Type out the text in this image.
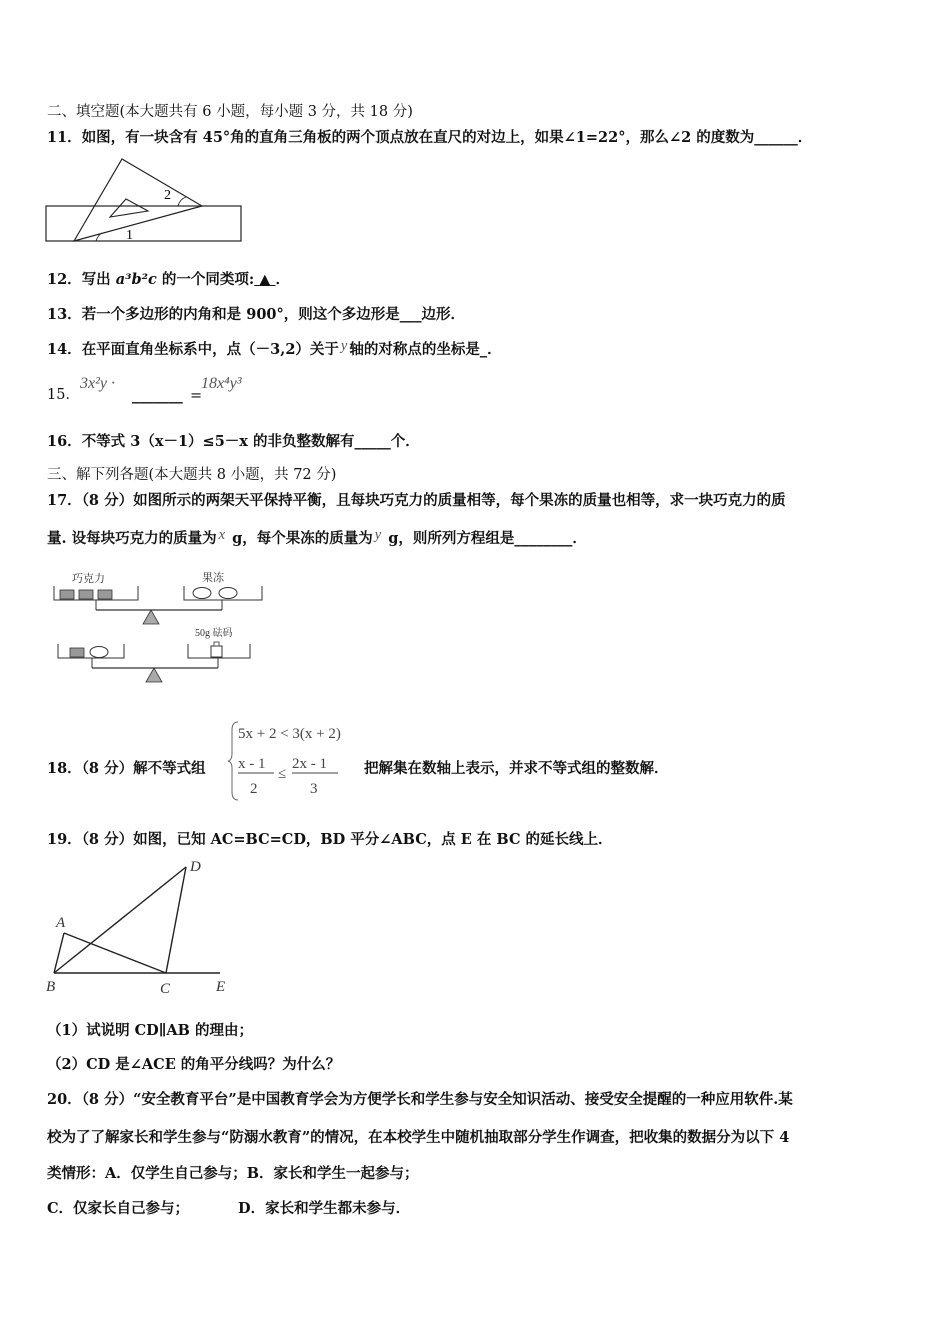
二、填空题(本大题共有 6 小题，每小题 3 分，共 18 分)
11．如图，有一块含有 45°角的直角三角板的两个顶点放在直尺的对边上，如果∠1=22°，那么∠2 的度数为______．
1
2
12．写出 a³b²c 的一个同类项: ▲ ．
13．若一个多边形的内角和是 900°，则这个多边形是___边形．
14．在平面直角坐标系中，点（－3,2）关于 y 轴的对称点的坐标是_．
15．
3x²y ·
_______ =
18x⁴y³
16．不等式 3（x－1）≤5－x 的非负整数解有_____个．
三、解下列各题(本大题共 8 小题，共 72 分)
17．（8 分）如图所示的两架天平保持平衡，且每块巧克力的质量相等，每个果冻的质量也相等，求一块巧克力的质
量. 设每块巧克力的质量为 x g，每个果冻的质量为 y g，则所列方程组是________．
巧克力	果冻
50g 砝码
18．（8 分）解不等式组
5x + 2 < 3(x + 2)
x - 1
2
≤
2x - 1
3
把解集在数轴上表示，并求不等式组的整数解．
19．（8 分）如图，已知 AC=BC=CD，BD 平分∠ABC，点 E 在 BC 的延长线上．
A
B	C
D
E
（1）试说明 CD∥AB 的理由；
（2）CD 是∠ACE 的角平分线吗？为什么？
20．（8 分）“安全教育平台”是中国教育学会为方便学长和学生参与安全知识活动、接受安全提醒的一种应用软件.某
校为了了解家长和学生参与“防溺水教育”的情况，在本校学生中随机抽取部分学生作调查，把收集的数据分为以下 4
类情形：A．仅学生自己参与；B．家长和学生一起参与；
C．仅家长自己参与；	D．家长和学生都未参与．
